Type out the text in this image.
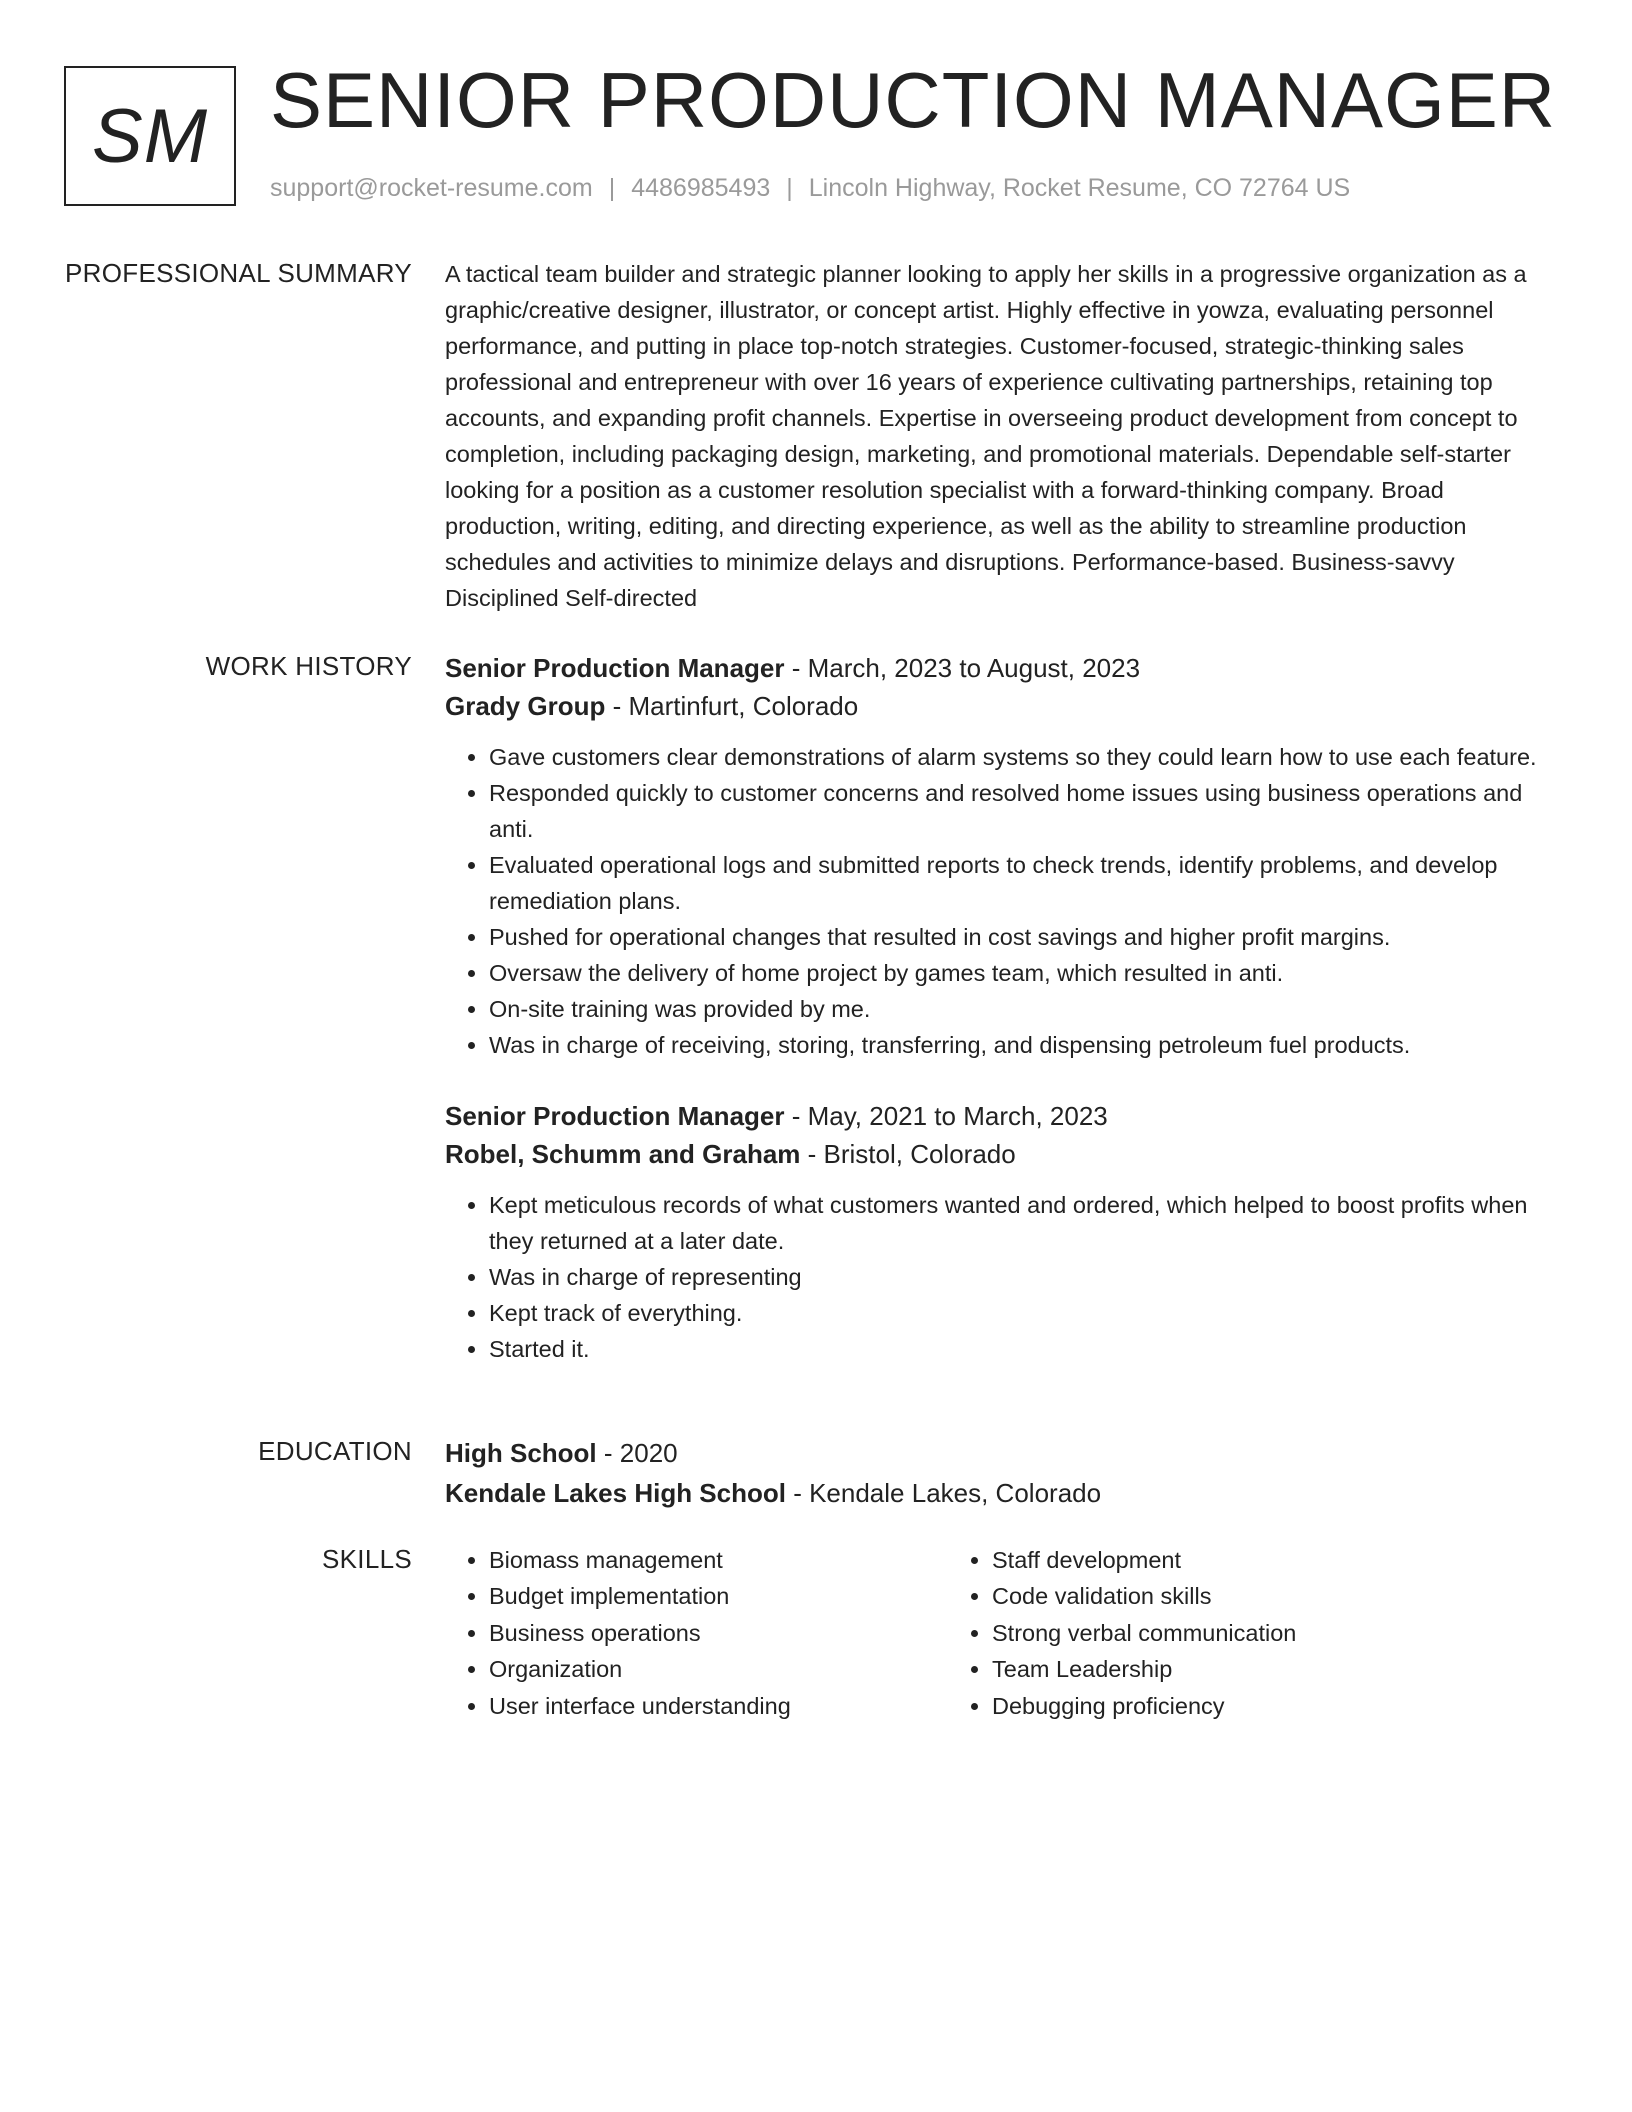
SM SENIOR PRODUCTION MANAGER
support@rocket-resume.com | 4486985493 | Lincoln Highway, Rocket Resume, CO 72764 US
PROFESSIONAL SUMMARY A tactical team builder and strategic planner looking to apply her skills in a progressive organization as a graphic/creative designer, illustrator, or concept artist. Highly effective in yowza, evaluating personnel performance, and putting in place top-notch strategies. Customer-focused, strategic-thinking sales professional and entrepreneur with over 16 years of experience cultivating partnerships, retaining top accounts, and expanding profit channels. Expertise in overseeing product development from concept to completion, including packaging design, marketing, and promotional materials. Dependable self-starter looking for a position as a customer resolution specialist with a forward-thinking company. Broad production, writing, editing, and directing experience, as well as the ability to streamline production schedules and activities to minimize delays and disruptions. Performance-based. Business-savvy Disciplined Self-directed

WORK HISTORY Senior Production Manager - March, 2023 to August, 2023
Grady Group - Martinfurt, Colorado
• Gave customers clear demonstrations of alarm systems so they could learn how to use each feature.
• Responded quickly to customer concerns and resolved home issues using business operations and anti.
• Evaluated operational logs and submitted reports to check trends, identify problems, and develop remediation plans.
• Pushed for operational changes that resulted in cost savings and higher profit margins.
• Oversaw the delivery of home project by games team, which resulted in anti.
• On-site training was provided by me.
• Was in charge of receiving, storing, transferring, and dispensing petroleum fuel products.
Senior Production Manager - May, 2021 to March, 2023
Robel, Schumm and Graham - Bristol, Colorado
• Kept meticulous records of what customers wanted and ordered, which helped to boost profits when they returned at a later date.
• Was in charge of representing
• Kept track of everything.
• Started it.
EDUCATION High School - 2020
Kendale Lakes High School - Kendale Lakes, Colorado
SKILLS
•	Biomass management
• Budget implementation
• Business operations
• Organization
• User interface understanding
• Staff development
• Code validation skills
• Strong verbal communication
• Team Leadership
• Debugging proficiency
